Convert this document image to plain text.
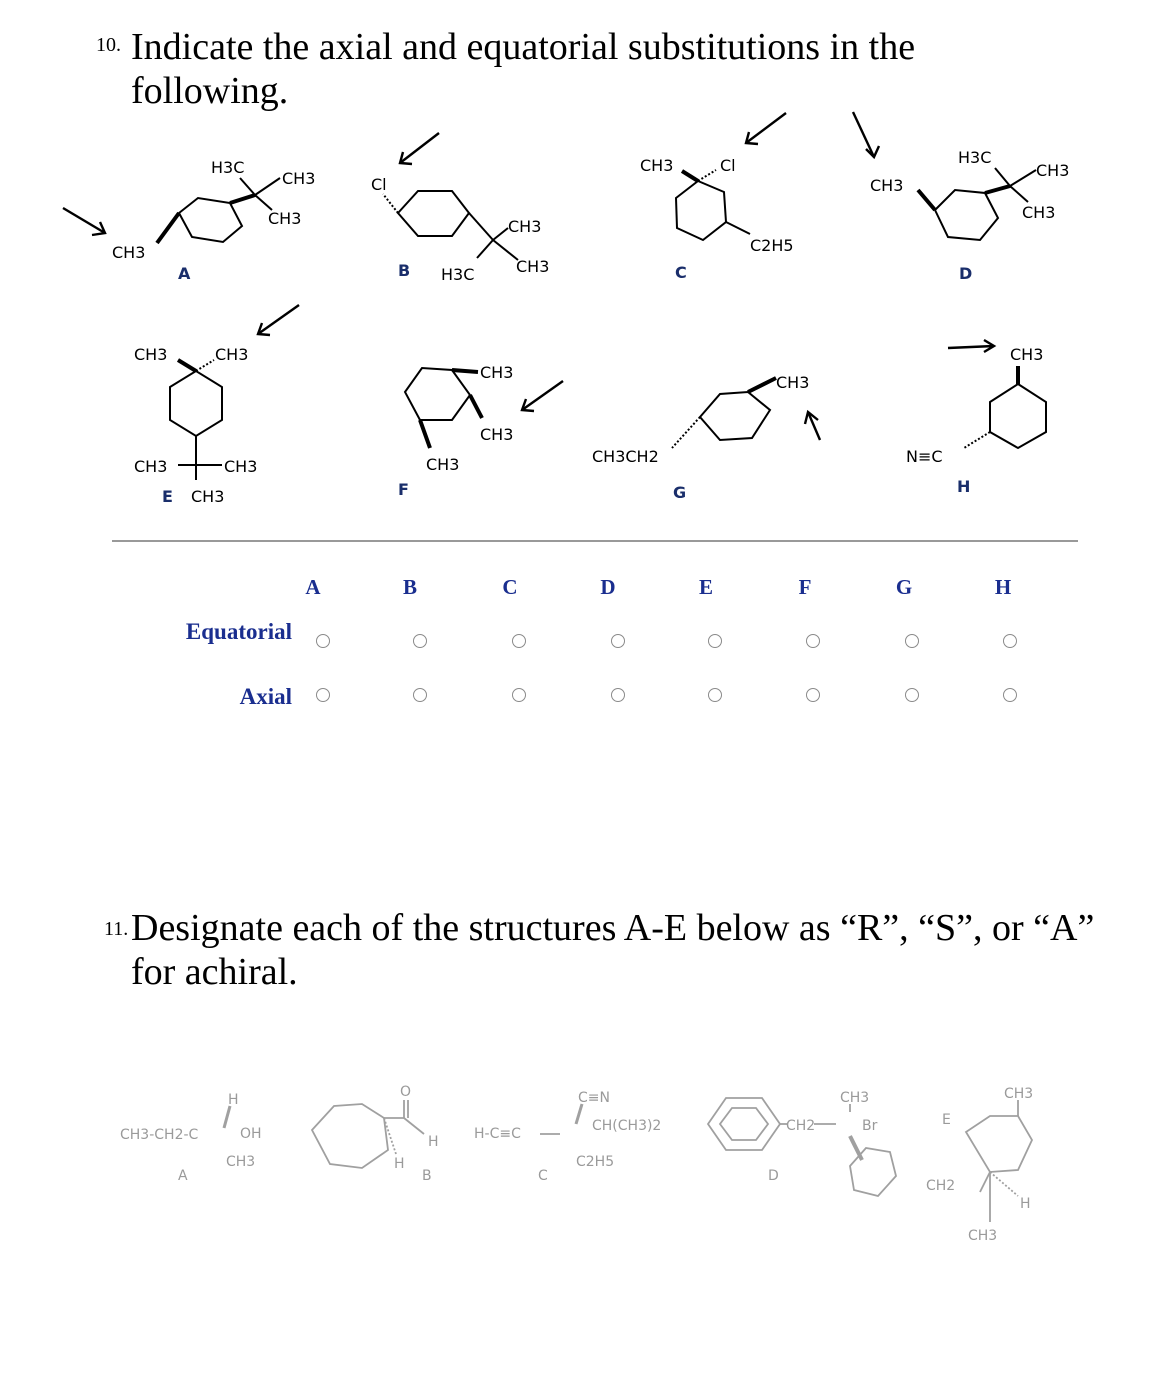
10. Indicate the axial and equatorial substitutions in the
following.
H3C
CH3
CH3
CH3
A
Cl
CH3
CH3
H3C
B
CH3	Cl
C2H5
C
H3C
CH3
CH3
CH3
D
CH3	CH3
CH3	CH3
CH3
E
CH3
CH3
CH3
F
CH3CH2
CH3
G
CH3
N≡C
H
A	B	C	D	E	F	G	H
Equatorial
Axial
11. Designate each of the structures A-E below as “R”, “S”, or “A”
for achiral.
H
CH3-CH2-C	OH
CH3
A
O
H
H
B
C≡N
H-C≡C	CH(CH3)2
C2H5
C
CH3
CH2	Br
D
CH3
CH2
H
CH3
E
